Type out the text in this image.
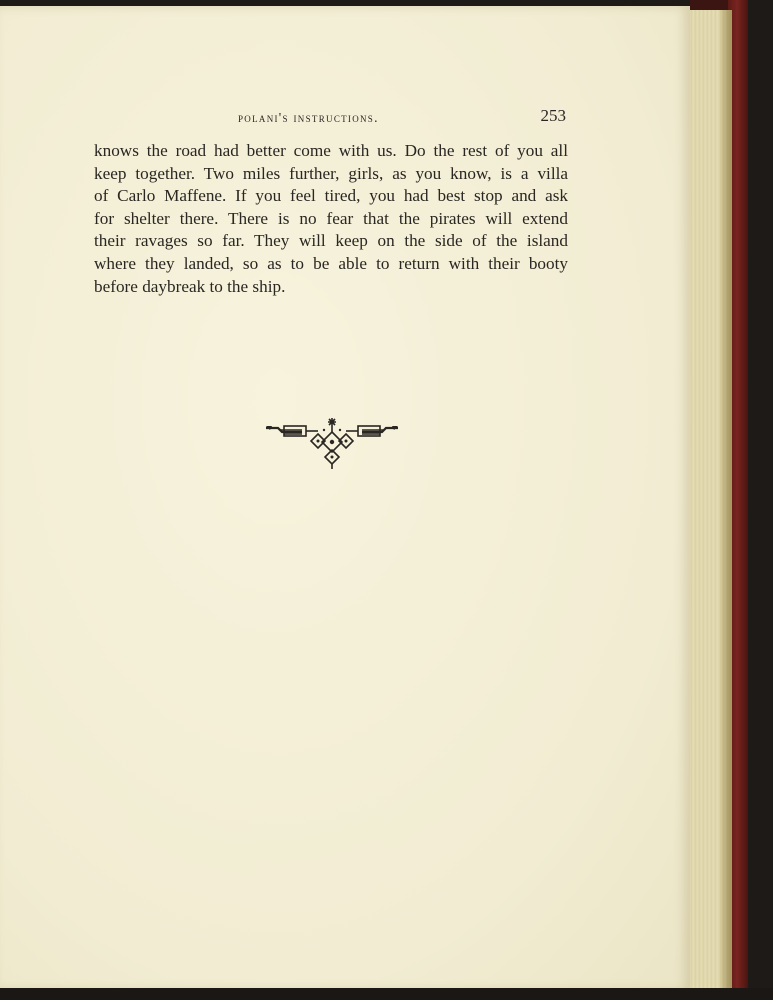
polani's instructions.	253
knows the road had better come with us. Do the rest of you all
keep together. Two miles further, girls, as you know, is a villa
of Carlo Maffene. If you feel tired, you had best stop and ask
for shelter there. There is no fear that the pirates will extend
their ravages so far. They will keep on the side of the island
where they landed, so as to be able to return with their booty
before daybreak to the ship.
